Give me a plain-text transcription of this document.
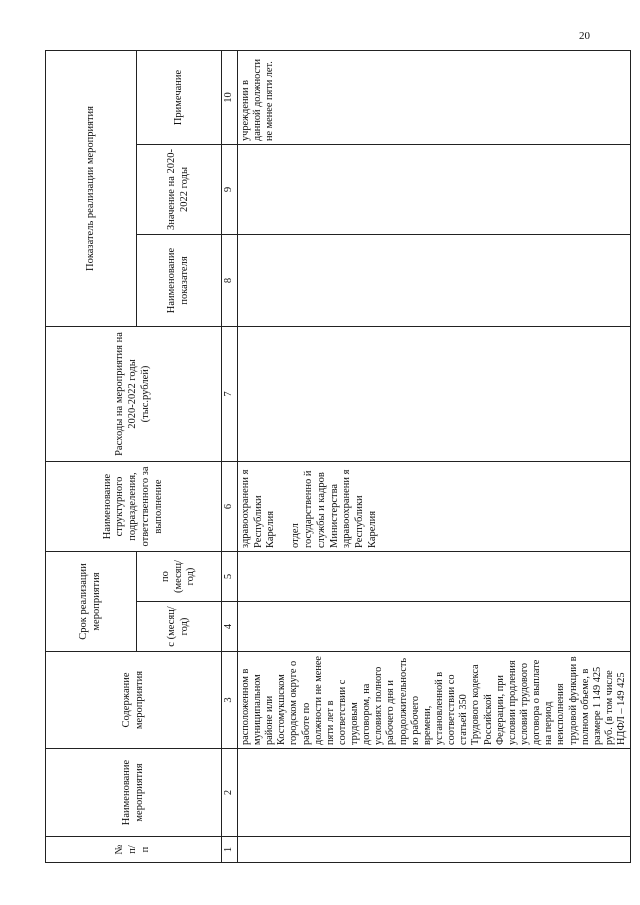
20
№
п/
п	Наименование мероприятия	Содержание мероприятия	Срок реализации мероприятия		Наименование структурного подразделения, ответственного за выполнение	Расходы на мероприятия на 2020-2022 годы (тыс.рублей)	Показатель реализации мероприятия		
			с (месяц/ год)	по (месяц/ год)			Наименование показателя	Значение на 2020-2022 годы	Примечание
1	2	3	4	5	6	7	8	9	10
		расположенном в муниципальном районе или Костомукшском городском округе о работе по должности не менее пяти лет в соответствии с трудовым договором, на условиях полного рабочего дня и продолжительность ю рабочего времени, установленной в соответствии со статьей 350 Трудового кодекса Российской Федерации, при условии продления условий трудового договора о выплате на период неисполнения трудовой функции в полном объеме, в размере 1 149 425 руб. (в том числе НДФЛ – 149 425			здравоохранени я Республики Карелия отдел государственно й службы и кадров Министерства здравоохранени я Республики Карелия				учреждении в данной должности не менее пяти лет.
